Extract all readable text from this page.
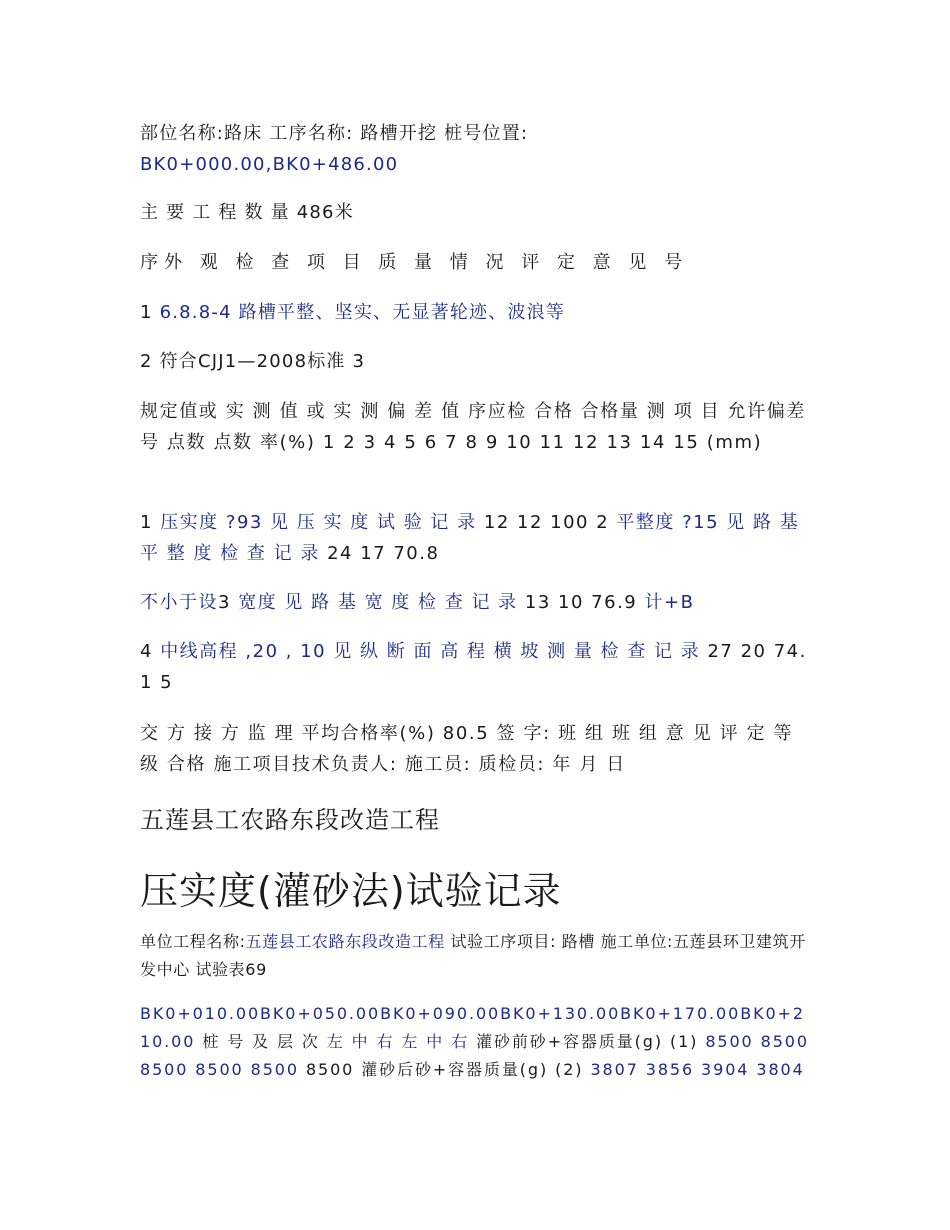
部位名称:路床 工序名称: 路槽开挖 桩号位置:
BK0+000.00,BK0+486.00

主 要 工 程 数 量 486米

序外 观 检 查 项 目 质 量 情 况 评 定 意 见 号

1 6.8.8-4 路槽平整、坚实、无显著轮迹、波浪等

2 符合CJJ1—2008标准 3

规定值或 实 测 值 或 实 测 偏 差 值 序应检 合格 合格量 测 项 目 允许偏差 号 点数 点数 率(%) 1 2 3 4 5 6 7 8 9 10 11 12 13 14 15 (mm)

1 压实度 ?93 见 压 实 度 试 验 记 录 12 12 100 2 平整度 ?15 见 路 基 平 整 度 检 查 记 录 24 17 70.8

不小于设3 宽度 见 路 基 宽 度 检 查 记 录 13 10 76.9 计+B

4 中线高程 ,20 , 10 见 纵 断 面 高 程 横 坡 测 量 检 查 记 录 27 20 74.1 5

交 方 接 方 监 理 平均合格率(%) 80.5 签 字: 班 组 班 组 意 见 评 定 等 级 合格 施工项目技术负责人: 施工员: 质检员: 年 月 日

五莲县工农路东段改造工程
压实度(灌砂法)试验记录

单位工程名称:五莲县工农路东段改造工程 试验工序项目: 路槽 施工单位:五莲县环卫建筑开发中心 试验表69

BK0+010.00BK0+050.00BK0+090.00BK0+130.00BK0+170.00BK0+210.00 桩 号 及 层 次 左 中 右 左 中 右 灌砂前砂+容器质量(g) (1) 8500 8500 8500 8500 8500 8500 灌砂后砂+容器质量(g) (2) 3807 3856 3904 3804
